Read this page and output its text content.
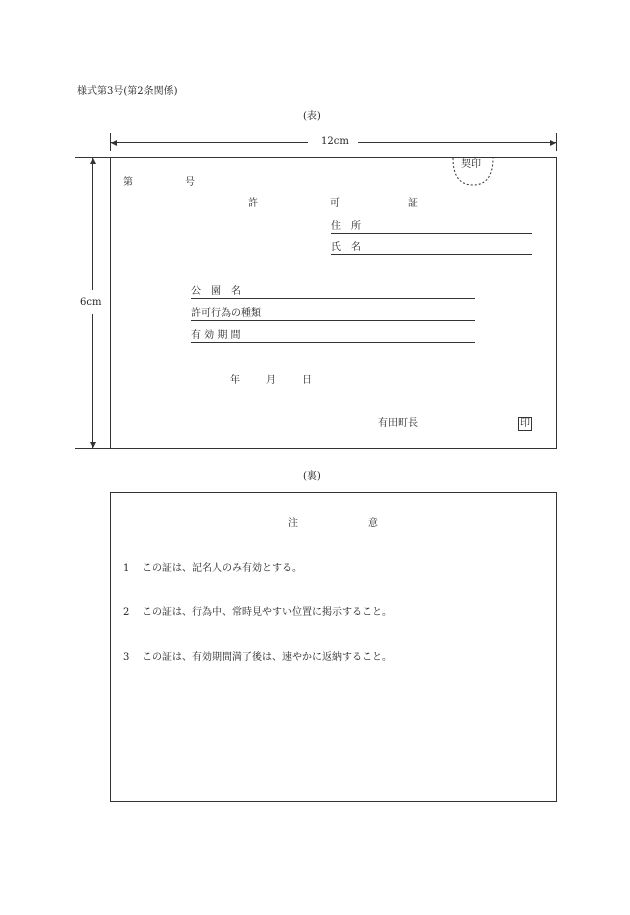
様式第3号(第2条関係)
(表)
12cm
6cm
契印
第	号
許	可	証
住　所
氏　名
公　園　名
許可行為の種類
有 効 期 間
年	月	日
有田町長	印
(裏)
注	意
1 この証は、記名人のみ有効とする。
2 この証は、行為中、常時見やすい位置に掲示すること。
3 この証は、有効期間満了後は、速やかに返納すること。
